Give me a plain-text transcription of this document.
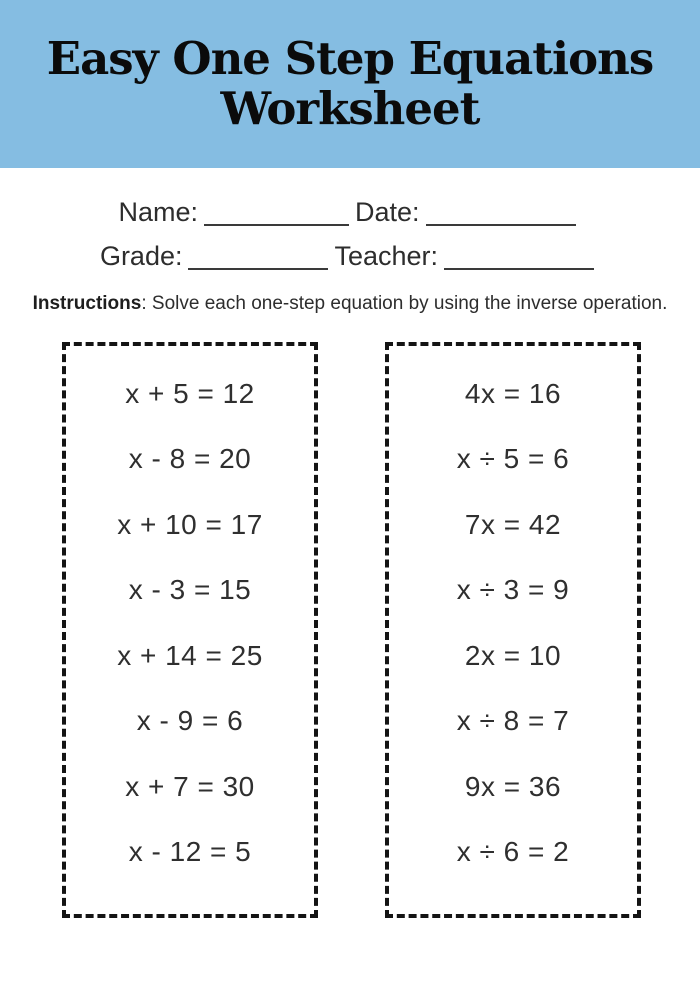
Easy One Step Equations
Worksheet
Name:	Date:
Grade:	Teacher:
Instructions: Solve each one-step equation by using the inverse operation.
x + 5 = 12
x - 8 = 20
x + 10 = 17
x - 3 = 15
x + 14 = 25
x - 9 = 6
x + 7 = 30
x - 12 = 5
4x = 16
x ÷ 5 = 6
7x = 42
x ÷ 3 = 9
2x = 10
x ÷ 8 = 7
9x = 36
x ÷ 6 = 2
